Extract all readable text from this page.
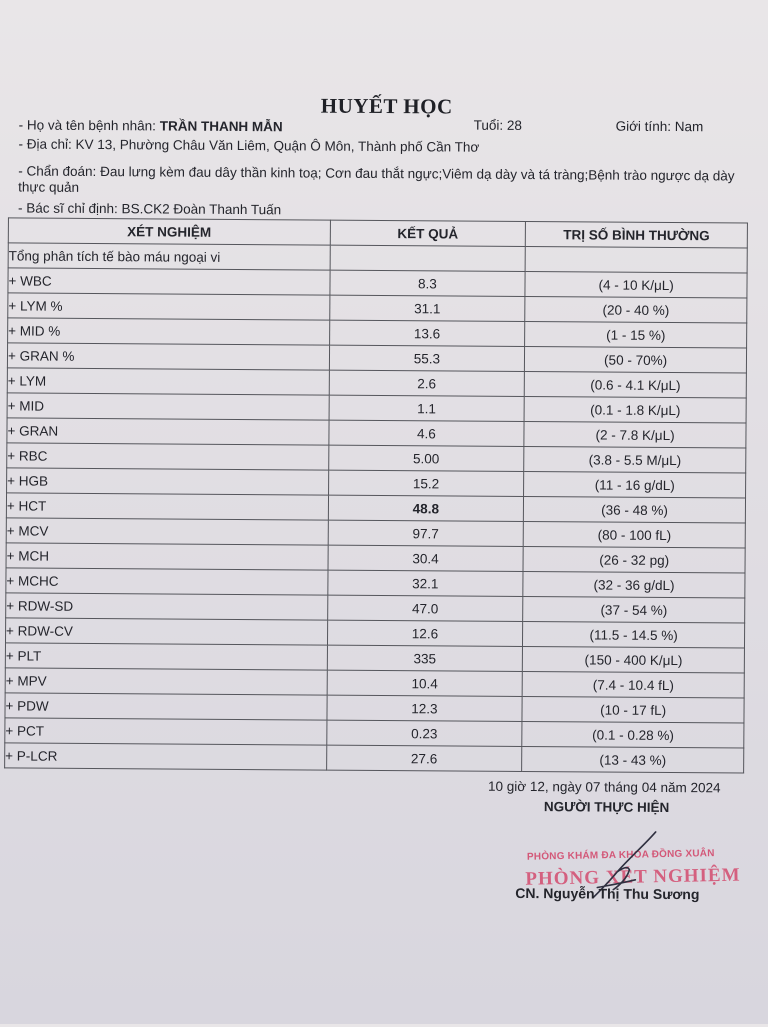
HUYẾT HỌC
- Họ và tên bệnh nhân: TRẦN THANH MẪN	Tuổi: 28	Giới tính: Nam
- Địa chỉ: KV 13, Phường Châu Văn Liêm, Quận Ô Môn, Thành phố Cần Thơ
- Chẩn đoán: Đau lưng kèm đau dây thần kinh toạ; Cơn đau thắt ngực;Viêm dạ dày và tá tràng;Bệnh trào ngược dạ dày thực quản
- Bác sĩ chỉ định: BS.CK2 Đoàn Thanh Tuấn
XÉT NGHIỆM	KẾT QUẢ	TRỊ SỐ BÌNH THƯỜNG
Tổng phân tích tế bào máu ngoại vi		
+ WBC	8.3	(4 - 10 K/μL)
+ LYM %	31.1	(20 - 40 %)
+ MID %	13.6	(1 - 15 %)
+ GRAN %	55.3	(50 - 70%)
+ LYM	2.6	(0.6 - 4.1 K/μL)
+ MID	1.1	(0.1 - 1.8 K/μL)
+ GRAN	4.6	(2 - 7.8 K/μL)
+ RBC	5.00	(3.8 - 5.5 M/μL)
+ HGB	15.2	(11 - 16 g/dL)
+ HCT	48.8	(36 - 48 %)
+ MCV	97.7	(80 - 100 fL)
+ MCH	30.4	(26 - 32 pg)
+ MCHC	32.1	(32 - 36 g/dL)
+ RDW-SD	47.0	(37 - 54 %)
+ RDW-CV	12.6	(11.5 - 14.5 %)
+ PLT	335	(150 - 400 K/μL)
+ MPV	10.4	(7.4 - 10.4 fL)
+ PDW	12.3	(10 - 17 fL)
+ PCT	0.23	(0.1 - 0.28 %)
+ P-LCR	27.6	(13 - 43 %)
10 giờ 12, ngày 07 tháng 04 năm 2024
NGƯỜI THỰC HIỆN
PHÒNG KHÁM ĐA KHOA ĐỒNG XUÂN
PHÒNG XÉT NGHIỆM
CN. Nguyễn Thị Thu Sương
